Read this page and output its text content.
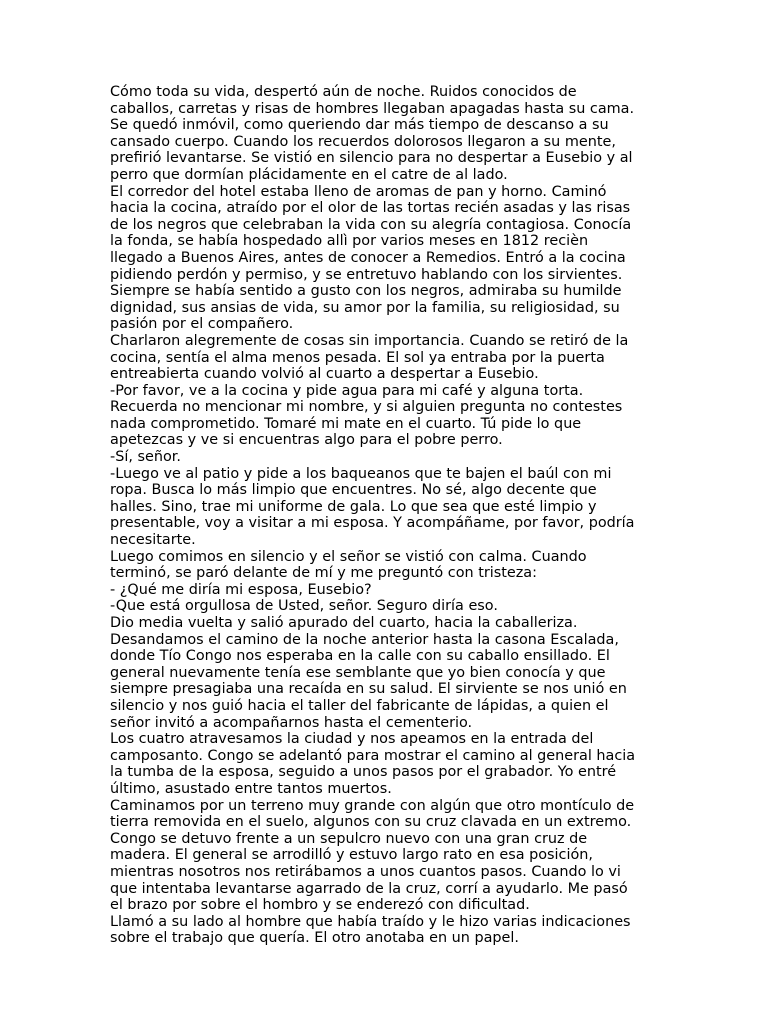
Cómo toda su vida, despertó aún de noche. Ruidos conocidos de
caballos, carretas y risas de hombres llegaban apagadas hasta su cama.
Se quedó inmóvil, como queriendo dar más tiempo de descanso a su
cansado cuerpo. Cuando los recuerdos dolorosos llegaron a su mente,
prefirió levantarse. Se vistió en silencio para no despertar a Eusebio y al
perro que dormían plácidamente en el catre de al lado.

El corredor del hotel estaba lleno de aromas de pan y horno. Caminó
hacia la cocina, atraído por el olor de las tortas recién asadas y las risas
de los negros que celebraban la vida con su alegría contagiosa. Conocía
la fonda, se había hospedado allì por varios meses en 1812 recièn
llegado a Buenos Aires, antes de conocer a Remedios. Entró a la cocina
pidiendo perdón y permiso, y se entretuvo hablando con los sirvientes.
Siempre se había sentido a gusto con los negros, admiraba su humilde
dignidad, sus ansias de vida, su amor por la familia, su religiosidad, su
pasión por el compañero.

Charlaron alegremente de cosas sin importancia. Cuando se retiró de la
cocina, sentía el alma menos pesada. El sol ya entraba por la puerta
entreabierta cuando volvió al cuarto a despertar a Eusebio.

-Por favor, ve a la cocina y pide agua para mi café y alguna torta.
Recuerda no mencionar mi nombre, y si alguien pregunta no contestes
nada comprometido. Tomaré mi mate en el cuarto. Tú pide lo que
apetezcas y ve si encuentras algo para el pobre perro.

-Sí, señor.

-Luego ve al patio y pide a los baqueanos que te bajen el baúl con mi
ropa. Busca lo más limpio que encuentres. No sé, algo decente que
halles. Sino, trae mi uniforme de gala. Lo que sea que esté limpio y
presentable, voy a visitar a mi esposa. Y acompáñame, por favor, podría
necesitarte.

Luego comimos en silencio y el señor se vistió con calma. Cuando
terminó, se paró delante de mí y me preguntó con tristeza:

- ¿Qué me diría mi esposa, Eusebio?

-Que está orgullosa de Usted, señor. Seguro diría eso.

Dio media vuelta y salió apurado del cuarto, hacia la caballeriza.

Desandamos el camino de la noche anterior hasta la casona Escalada,
donde Tío Congo nos esperaba en la calle con su caballo ensillado. El
general nuevamente tenía ese semblante que yo bien conocía y que
siempre presagiaba una recaída en su salud. El sirviente se nos unió en
silencio y nos guió hacia el taller del fabricante de lápidas, a quien el
señor invitó a acompañarnos hasta el cementerio.

Los cuatro atravesamos la ciudad y nos apeamos en la entrada del
camposanto. Congo se adelantó para mostrar el camino al general hacia
la tumba de la esposa, seguido a unos pasos por el grabador. Yo entré
último, asustado entre tantos muertos.

Caminamos por un terreno muy grande con algún que otro montículo de
tierra removida en el suelo, algunos con su cruz clavada en un extremo.
Congo se detuvo frente a un sepulcro nuevo con una gran cruz de
madera. El general se arrodilló y estuvo largo rato en esa posición,
mientras nosotros nos retirábamos a unos cuantos pasos. Cuando lo vi
que intentaba levantarse agarrado de la cruz, corrí a ayudarlo. Me pasó
el brazo por sobre el hombro y se enderezó con dificultad.

Llamó a su lado al hombre que había traído y le hizo varias indicaciones
sobre el trabajo que quería. El otro anotaba en un papel.
